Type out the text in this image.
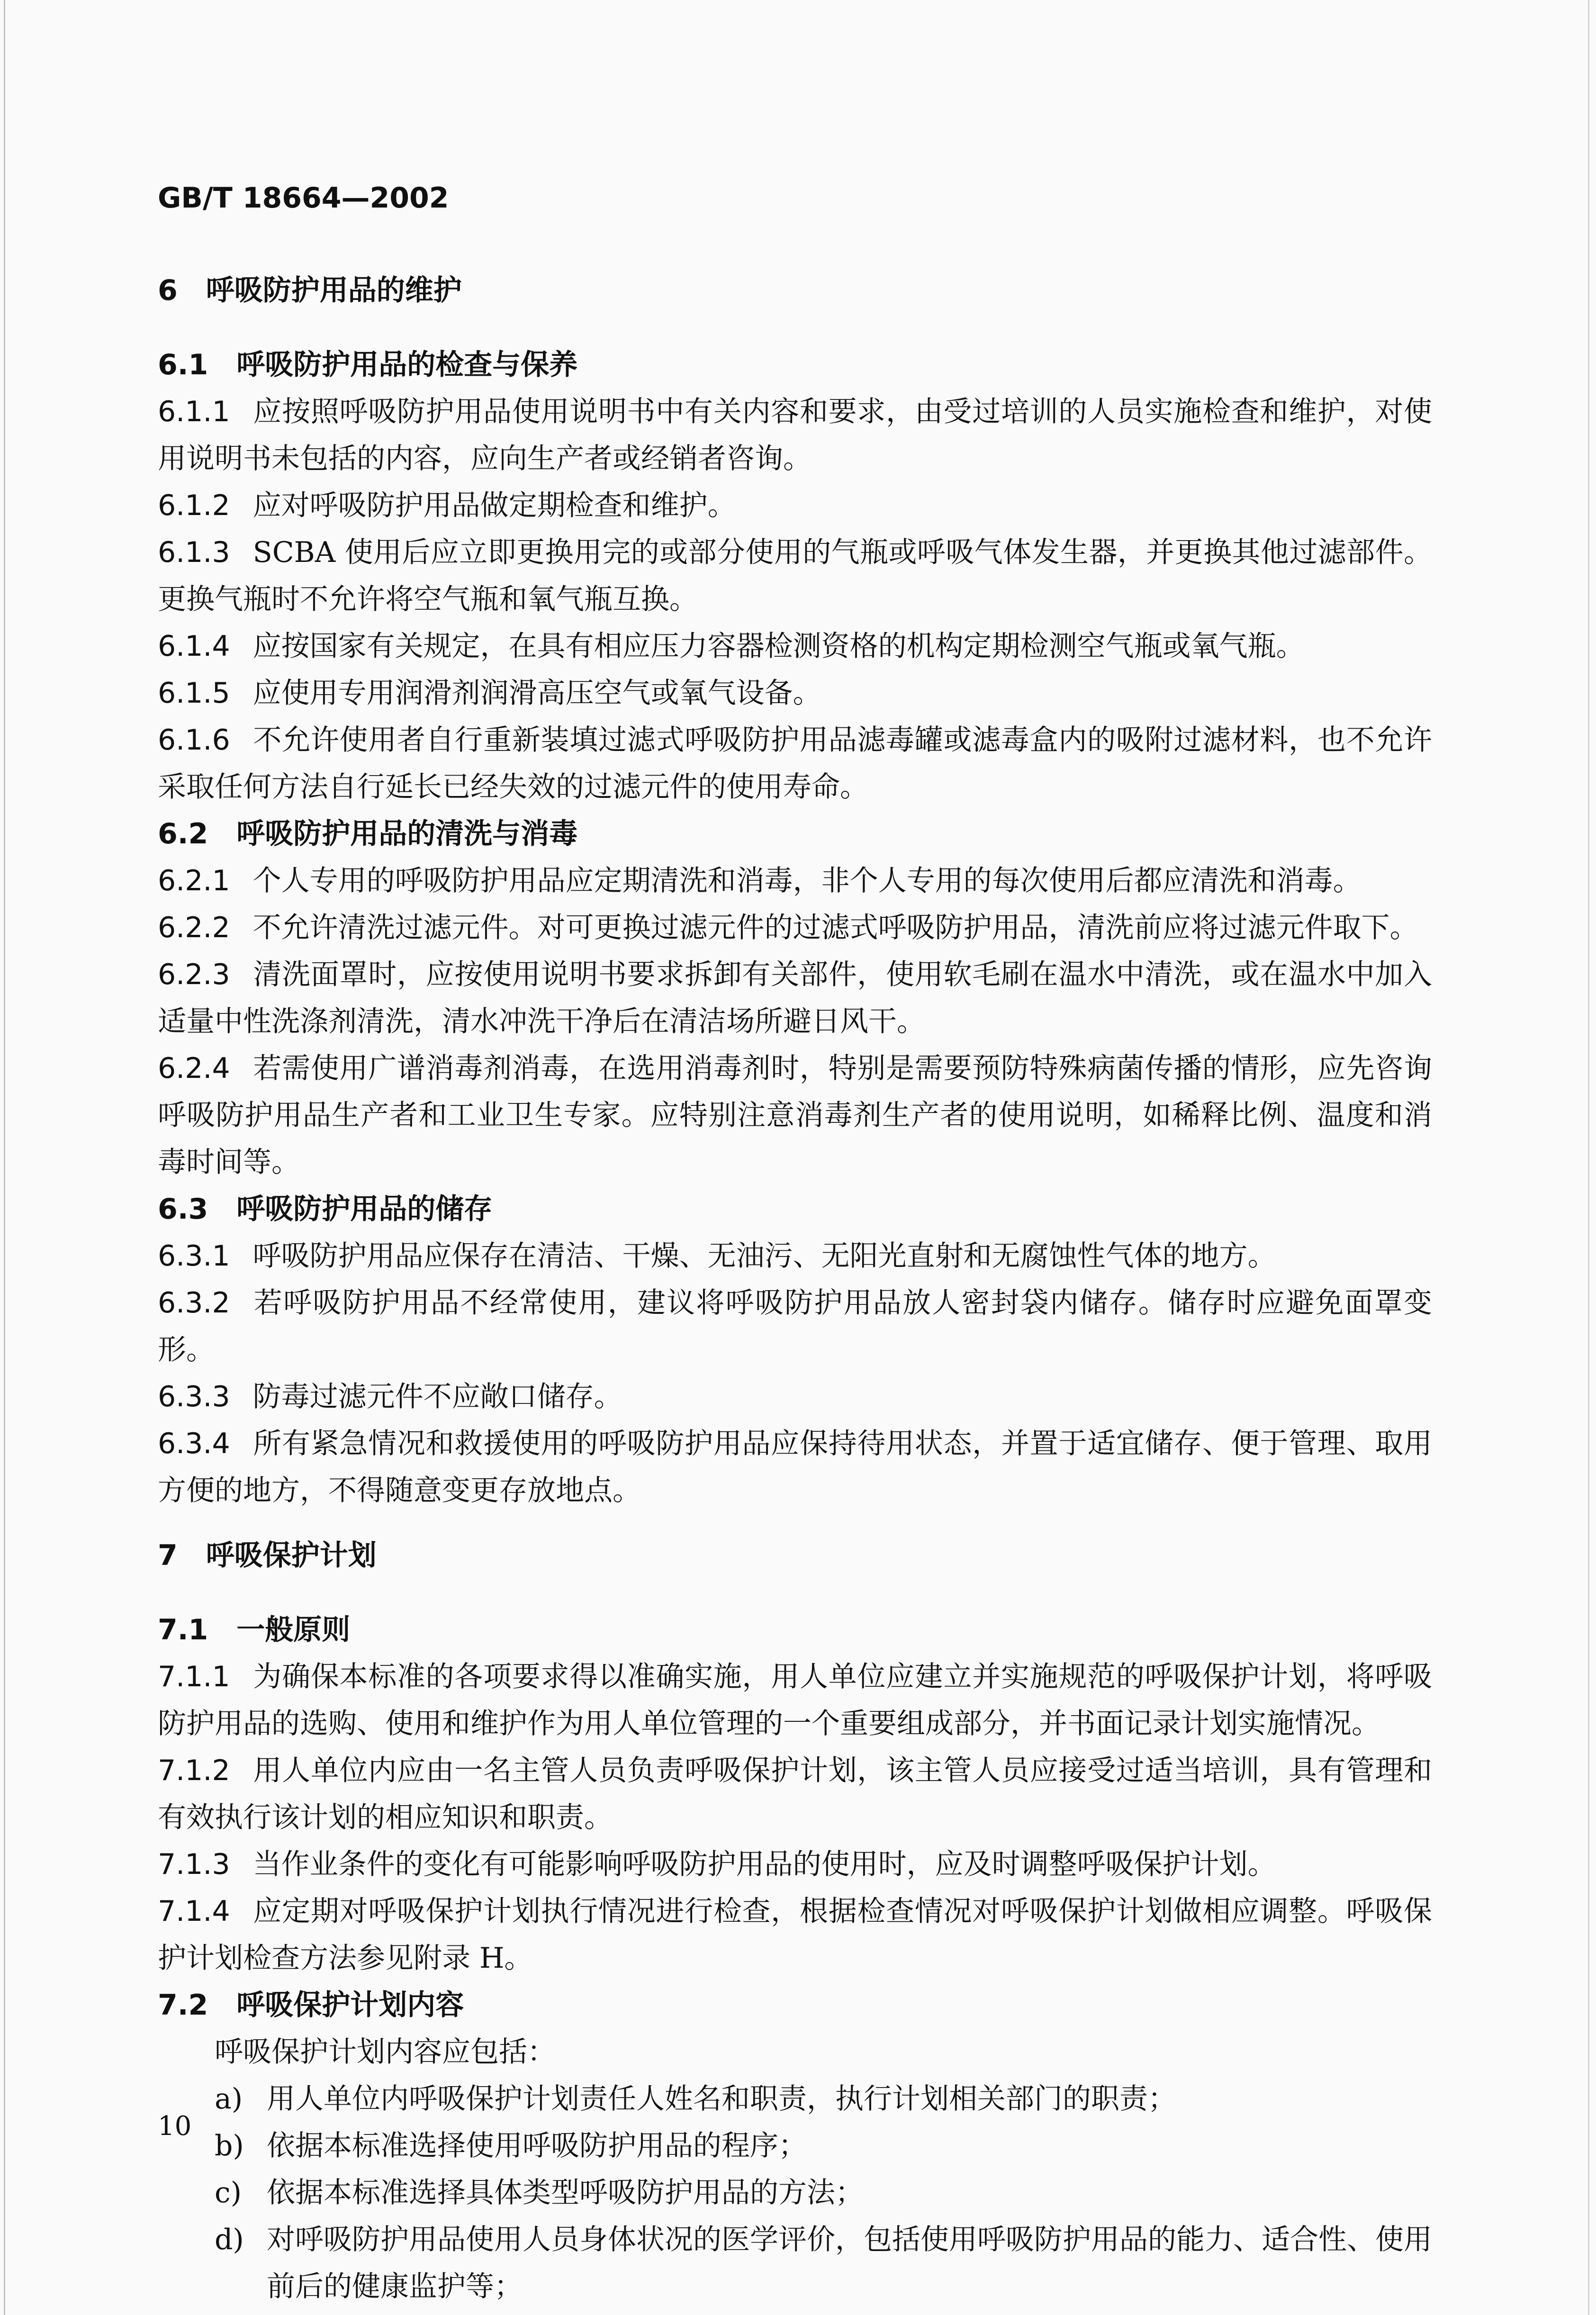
GB/T 18664—2002
6 呼吸防护用品的维护
6.1 呼吸防护用品的检查与保养
6.1.1 应按照呼吸防护用品使用说明书中有关内容和要求，由受过培训的人员实施检查和维护，对使用说明书未包括的内容，应向生产者或经销者咨询。
6.1.2 应对呼吸防护用品做定期检查和维护。
6.1.3 SCBA 使用后应立即更换用完的或部分使用的气瓶或呼吸气体发生器，并更换其他过滤部件。更换气瓶时不允许将空气瓶和氧气瓶互换。
6.1.4 应按国家有关规定，在具有相应压力容器检测资格的机构定期检测空气瓶或氧气瓶。
6.1.5 应使用专用润滑剂润滑高压空气或氧气设备。
6.1.6 不允许使用者自行重新装填过滤式呼吸防护用品滤毒罐或滤毒盒内的吸附过滤材料，也不允许采取任何方法自行延长已经失效的过滤元件的使用寿命。
6.2 呼吸防护用品的清洗与消毒
6.2.1 个人专用的呼吸防护用品应定期清洗和消毒，非个人专用的每次使用后都应清洗和消毒。
6.2.2 不允许清洗过滤元件。对可更换过滤元件的过滤式呼吸防护用品，清洗前应将过滤元件取下。
6.2.3 清洗面罩时，应按使用说明书要求拆卸有关部件，使用软毛刷在温水中清洗，或在温水中加入适量中性洗涤剂清洗，清水冲洗干净后在清洁场所避日风干。
6.2.4 若需使用广谱消毒剂消毒，在选用消毒剂时，特别是需要预防特殊病菌传播的情形，应先咨询呼吸防护用品生产者和工业卫生专家。应特别注意消毒剂生产者的使用说明，如稀释比例、温度和消毒时间等。
6.3 呼吸防护用品的储存
6.3.1 呼吸防护用品应保存在清洁、干燥、无油污、无阳光直射和无腐蚀性气体的地方。
6.3.2 若呼吸防护用品不经常使用，建议将呼吸防护用品放人密封袋内储存。储存时应避免面罩变形。
6.3.3 防毒过滤元件不应敞口储存。
6.3.4 所有紧急情况和救援使用的呼吸防护用品应保持待用状态，并置于适宜储存、便于管理、取用方便的地方，不得随意变更存放地点。
7 呼吸保护计划
7.1 一般原则
7.1.1 为确保本标准的各项要求得以准确实施，用人单位应建立并实施规范的呼吸保护计划，将呼吸防护用品的选购、使用和维护作为用人单位管理的一个重要组成部分，并书面记录计划实施情况。
7.1.2 用人单位内应由一名主管人员负责呼吸保护计划，该主管人员应接受过适当培训，具有管理和有效执行该计划的相应知识和职责。
7.1.3 当作业条件的变化有可能影响呼吸防护用品的使用时，应及时调整呼吸保护计划。
7.1.4 应定期对呼吸保护计划执行情况进行检查，根据检查情况对呼吸保护计划做相应调整。呼吸保护计划检查方法参见附录 H。
7.2 呼吸保护计划内容
呼吸保护计划内容应包括：
a) 用人单位内呼吸保护计划责任人姓名和职责，执行计划相关部门的职责；
b) 依据本标准选择使用呼吸防护用品的程序；
c) 依据本标准选择具体类型呼吸防护用品的方法；
d) 对呼吸防护用品使用人员身体状况的医学评价，包括使用呼吸防护用品的能力、适合性、使用前后的健康监护等；
10
